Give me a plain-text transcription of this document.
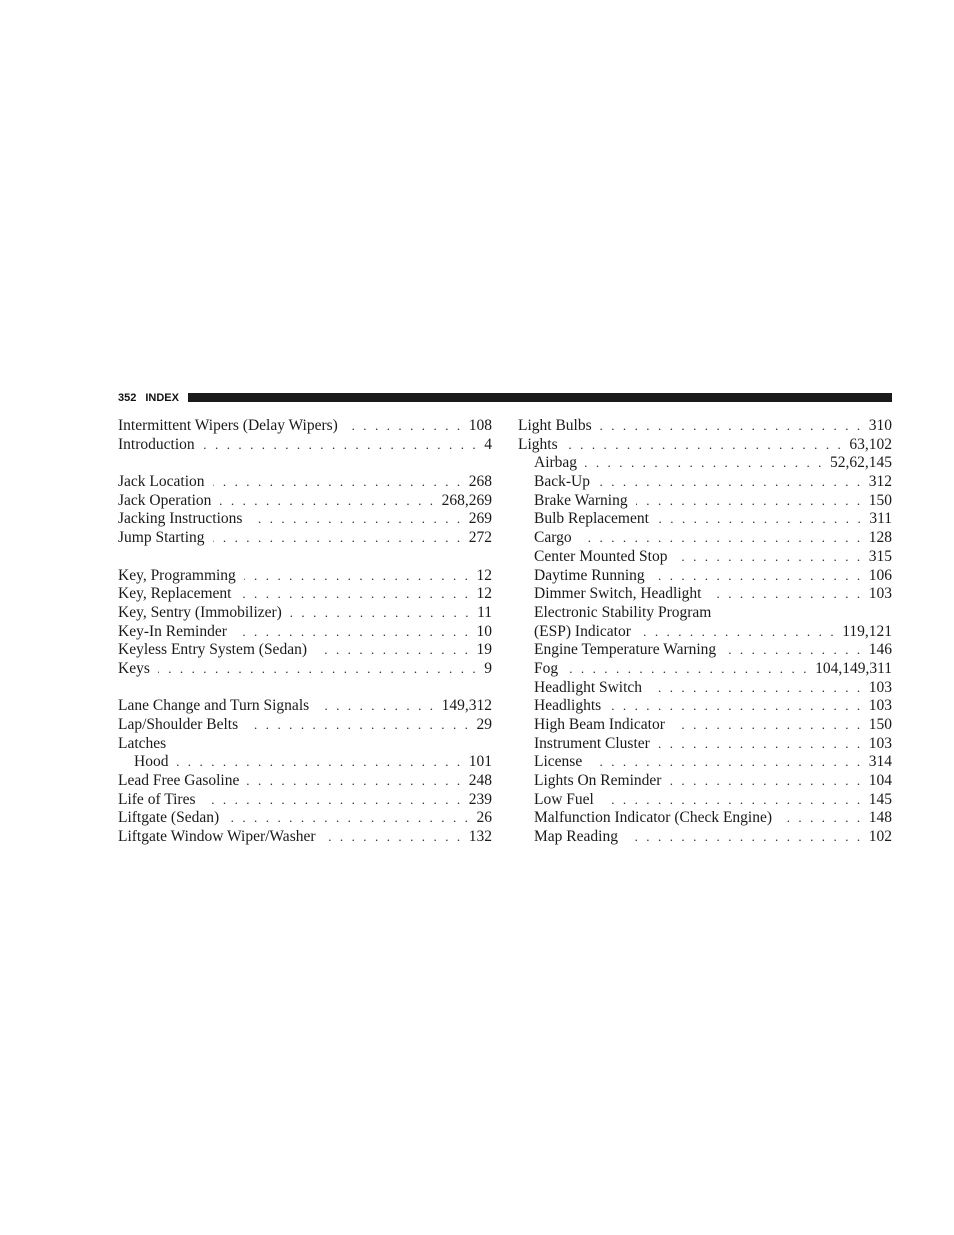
352 INDEX
Intermittent Wipers (Delay Wipers) . . .	108
Introduction . . .	4
Jack Location . . .	268
Jack Operation . . .	268,269
Jacking Instructions . . .	269
Jump Starting . . .	272
Key, Programming . . .	12
Key, Replacement . . .	12
Key, Sentry (Immobilizer) . . .	11
Key-In Reminder . . .	10
Keyless Entry System (Sedan) . . .	19
Keys . . .	9
Lane Change and Turn Signals . . .	149,312
Lap/Shoulder Belts . . .	29
Latches
Hood . . .	101
Lead Free Gasoline . . .	248
Life of Tires . . .	239
Liftgate (Sedan) . . .	26
Liftgate Window Wiper/Washer . . .	132
Light Bulbs . . .	310
Lights . . .	63,102
Airbag . . .	52,62,145
Back-Up . . .	312
Brake Warning . . .	150
Bulb Replacement . . .	311
Cargo . . .	128
Center Mounted Stop . . .	315
Daytime Running . . .	106
Dimmer Switch, Headlight . . .	103
Electronic Stability Program
(ESP) Indicator . . .	119,121
Engine Temperature Warning . . .	146
Fog . . .	104,149,311
Headlight Switch . . .	103
Headlights . . .	103
High Beam Indicator . . .	150
Instrument Cluster . . .	103
License . . .	314
Lights On Reminder . . .	104
Low Fuel . . .	145
Malfunction Indicator (Check Engine) . . .	148
Map Reading . . .	102
